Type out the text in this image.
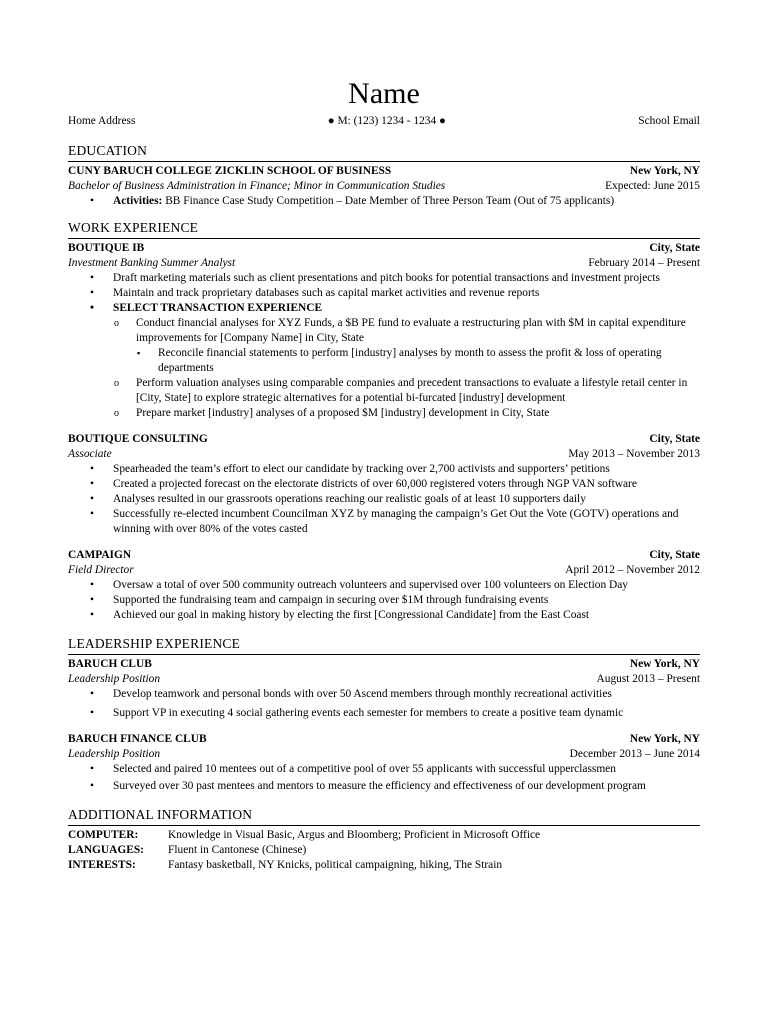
Name
Home Address	● M: (123) 1234 - 1234 ●	School Email
EDUCATION
CUNY BARUCH COLLEGE ZICKLIN SCHOOL OF BUSINESS	New York, NY
Bachelor of Business Administration in Finance; Minor in Communication Studies	Expected: June 2015
• Activities: BB Finance Case Study Competition – Date Member of Three Person Team (Out of 75 applicants)
WORK EXPERIENCE
BOUTIQUE IB	City, State
Investment Banking Summer Analyst	February 2014 – Present
• Draft marketing materials such as client presentations and pitch books for potential transactions and investment projects
• Maintain and track proprietary databases such as capital market activities and revenue reports
• SELECT TRANSACTION EXPERIENCE
o Conduct financial analyses for XYZ Funds, a $B PE fund to evaluate a restructuring plan with $M in capital expenditure improvements for [Company Name] in City, State
▪ Reconcile financial statements to perform [industry] analyses by month to assess the profit & loss of operating departments
o Perform valuation analyses using comparable companies and precedent transactions to evaluate a lifestyle retail center in [City, State] to explore strategic alternatives for a potential bi-furcated [industry] development
o Prepare market [industry] analyses of a proposed $M [industry] development in City, State
BOUTIQUE CONSULTING	City, State
Associate	May 2013 – November 2013
• Spearheaded the team’s effort to elect our candidate by tracking over 2,700 activists and supporters’ petitions
• Created a projected forecast on the electorate districts of over 60,000 registered voters through NGP VAN software
• Analyses resulted in our grassroots operations reaching our realistic goals of at least 10 supporters daily
• Successfully re-elected incumbent Councilman XYZ by managing the campaign’s Get Out the Vote (GOTV) operations and winning with over 80% of the votes casted
CAMPAIGN	City, State
Field Director	April 2012 – November 2012
• Oversaw a total of over 500 community outreach volunteers and supervised over 100 volunteers on Election Day
• Supported the fundraising team and campaign in securing over $1M through fundraising events
• Achieved our goal in making history by electing the first [Congressional Candidate] from the East Coast
LEADERSHIP EXPERIENCE
BARUCH CLUB	New York, NY
Leadership Position	August 2013 – Present
• Develop teamwork and personal bonds with over 50 Ascend members through monthly recreational activities
• Support VP in executing 4 social gathering events each semester for members to create a positive team dynamic
BARUCH FINANCE CLUB	New York, NY
Leadership Position	December 2013 – June 2014
• Selected and paired 10 mentees out of a competitive pool of over 55 applicants with successful upperclassmen
• Surveyed over 30 past mentees and mentors to measure the efficiency and effectiveness of our development program
ADDITIONAL INFORMATION
COMPUTER:	Knowledge in Visual Basic, Argus and Bloomberg; Proficient in Microsoft Office
LANGUAGES:	Fluent in Cantonese (Chinese)
INTERESTS:	Fantasy basketball, NY Knicks, political campaigning, hiking, The Strain
